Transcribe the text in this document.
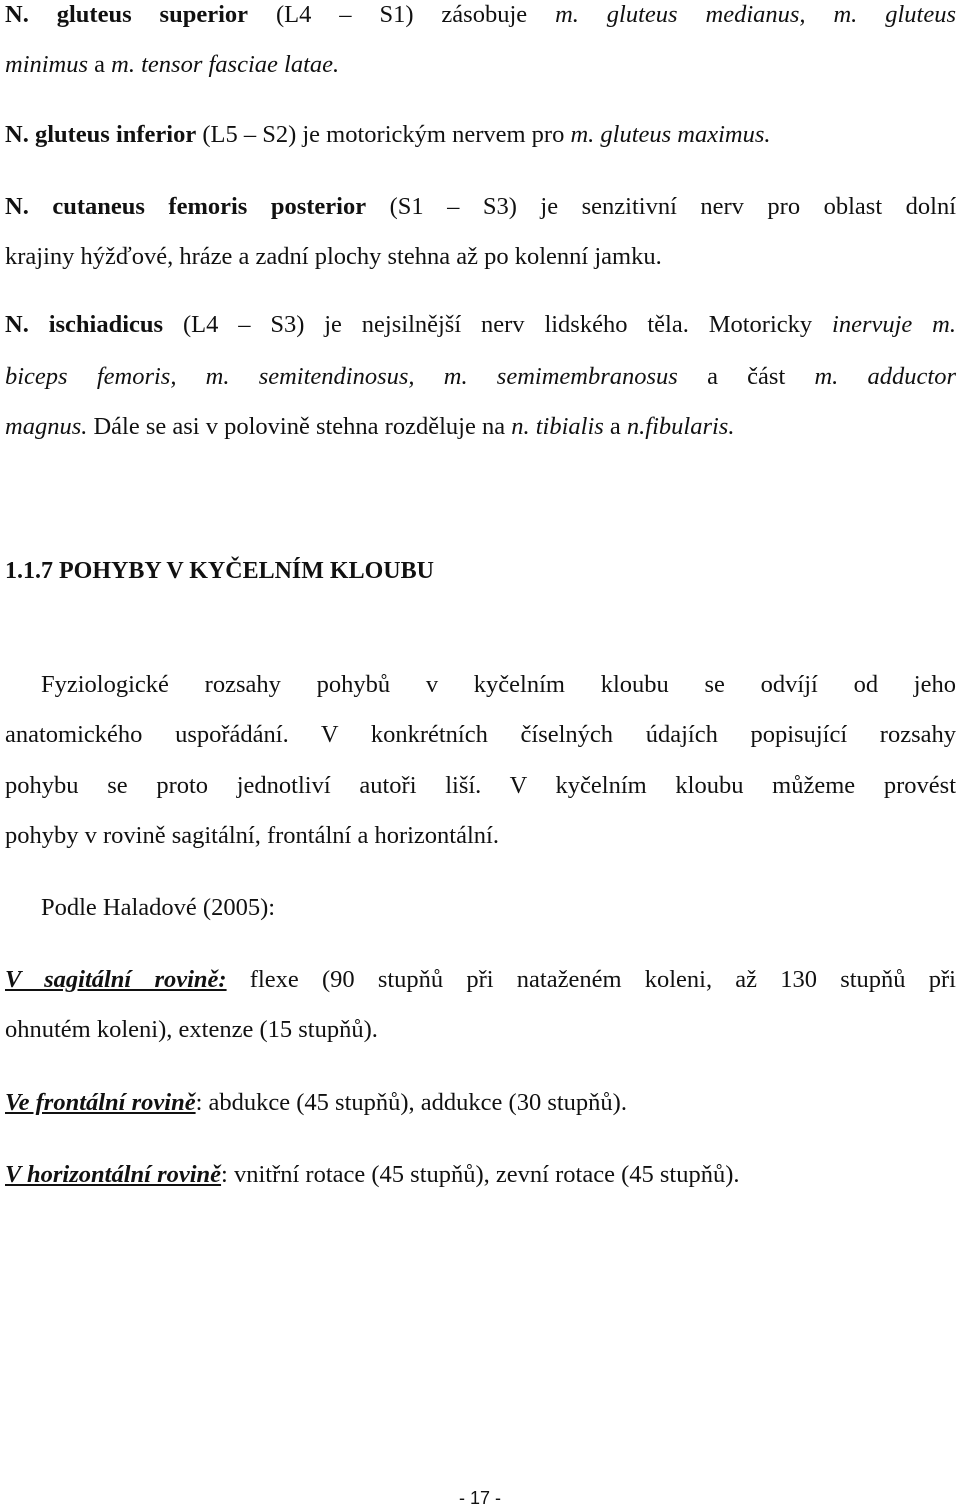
N. gluteus superior (L4 – S1) zásobuje m. gluteus medianus, m. gluteus
minimus a m. tensor fasciae latae.
N. gluteus inferior (L5 – S2) je motorickým nervem pro m. gluteus maximus.
N. cutaneus femoris posterior (S1 – S3) je senzitivní nerv pro oblast dolní
krajiny hýžďové, hráze a zadní plochy stehna až po kolenní jamku.
N. ischiadicus (L4 – S3) je nejsilnější nerv lidského těla. Motoricky inervuje m.
biceps femoris, m. semitendinosus, m. semimembranosus a část m. adductor
magnus. Dále se asi v polovině stehna rozděluje na n. tibialis a n.fibularis.
1.1.7 POHYBY V KYČELNÍM KLOUBU
Fyziologické rozsahy pohybů v kyčelním kloubu se odvíjí od jeho
anatomického uspořádání. V konkrétních číselných údajích popisující rozsahy
pohybu se proto jednotliví autoři liší. V kyčelním kloubu můžeme provést
pohyby v rovině sagitální, frontální a horizontální.
Podle Haladové (2005):
V sagitální rovině: flexe (90 stupňů při nataženém koleni, až 130 stupňů při
ohnutém koleni), extenze (15 stupňů).
Ve frontální rovině: abdukce (45 stupňů), addukce (30 stupňů).
V horizontální rovině: vnitřní rotace (45 stupňů), zevní rotace (45 stupňů).
- 17 -
